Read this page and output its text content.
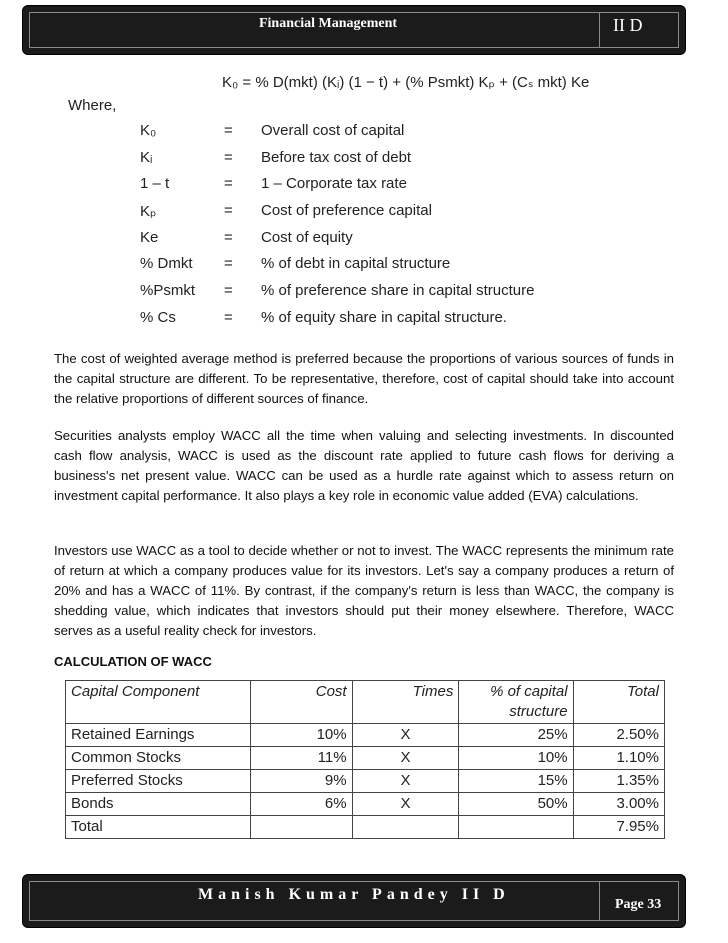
Financial Management	II D
K₀ = % D(mkt) (Kᵢ) (1 − t) + (% Psmkt) Kₚ + (Cₛ mkt) Ke
Where,
K₀	= Overall cost of capital
Kᵢ	= Before tax cost of debt
1 – t	= 1 – Corporate tax rate
Kₚ	= Cost of preference capital
Ke	= Cost of equity
% Dmkt	= % of debt in capital structure
%Psmkt	= % of preference share in capital structure
% Cs	= % of equity share in capital structure.
The cost of weighted average method is preferred because the proportions of various sources of funds in the capital structure are different. To be representative, therefore, cost of capital should take into account the relative proportions of different sources of finance.
Securities analysts employ WACC all the time when valuing and selecting investments. In discounted cash flow analysis, WACC is used as the discount rate applied to future cash flows for deriving a business's net present value. WACC can be used as a hurdle rate against which to assess return on investment capital performance. It also plays a key role in economic value added (EVA) calculations.
Investors use WACC as a tool to decide whether or not to invest. The WACC represents the minimum rate of return at which a company produces value for its investors. Let's say a company produces a return of 20% and has a WACC of 11%. By contrast, if the company's return is less than WACC, the company is shedding value, which indicates that investors should put their money elsewhere. Therefore, WACC serves as a useful reality check for investors.
CALCULATION OF WACC
Capital Component	Cost	Times	% of capital structure	Total
Retained Earnings	10%	X	25%	2.50%
Common Stocks	11%	X	10%	1.10%
Preferred Stocks	9%	X	15%	1.35%
Bonds	6%	X	50%	3.00%
Total				7.95%
Manish Kumar Pandey II D
Page 33
